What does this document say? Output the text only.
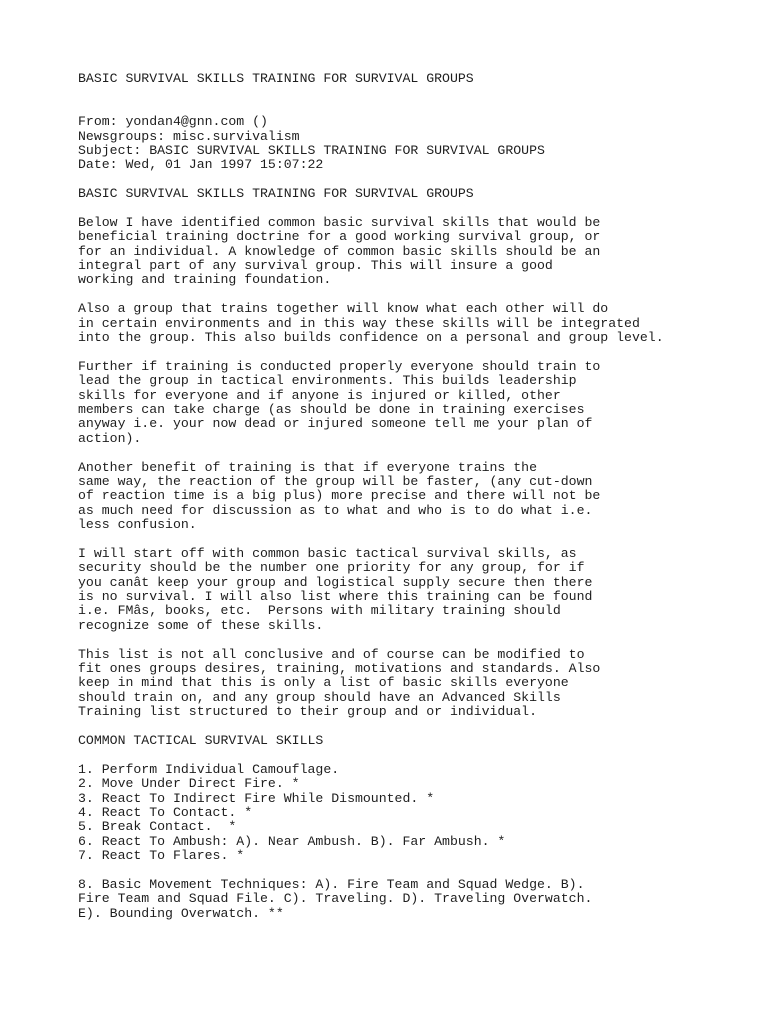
BASIC SURVIVAL SKILLS TRAINING FOR SURVIVAL GROUPS
From: yondan4@gnn.com ()
Newsgroups: misc.survivalism
Subject: BASIC SURVIVAL SKILLS TRAINING FOR SURVIVAL GROUPS
Date: Wed, 01 Jan 1997 15:07:22
BASIC SURVIVAL SKILLS TRAINING FOR SURVIVAL GROUPS
Below I have identified common basic survival skills that would be
beneficial training doctrine for a good working survival group, or
for an individual. A knowledge of common basic skills should be an
integral part of any survival group. This will insure a good
working and training foundation.
Also a group that trains together will know what each other will do
in certain environments and in this way these skills will be integrated
into the group. This also builds confidence on a personal and group level.
Further if training is conducted properly everyone should train to
lead the group in tactical environments. This builds leadership
skills for everyone and if anyone is injured or killed, other
members can take charge (as should be done in training exercises
anyway i.e. your now dead or injured someone tell me your plan of
action).
Another benefit of training is that if everyone trains the
same way, the reaction of the group will be faster, (any cut-down
of reaction time is a big plus) more precise and there will not be
as much need for discussion as to what and who is to do what i.e.
less confusion.
I will start off with common basic tactical survival skills, as
security should be the number one priority for any group, for if
you canât keep your group and logistical supply secure then there
is no survival. I will also list where this training can be found
i.e. FMâs, books, etc.  Persons with military training should
recognize some of these skills.
This list is not all conclusive and of course can be modified to
fit ones groups desires, training, motivations and standards. Also
keep in mind that this is only a list of basic skills everyone
should train on, and any group should have an Advanced Skills
Training list structured to their group and or individual.
COMMON TACTICAL SURVIVAL SKILLS
1. Perform Individual Camouflage.
2. Move Under Direct Fire. *
3. React To Indirect Fire While Dismounted. *
4. React To Contact. *
5. Break Contact.  *
6. React To Ambush: A). Near Ambush. B). Far Ambush. *
7. React To Flares. *
8. Basic Movement Techniques: A). Fire Team and Squad Wedge. B).
Fire Team and Squad File. C). Traveling. D). Traveling Overwatch.
E). Bounding Overwatch. **
